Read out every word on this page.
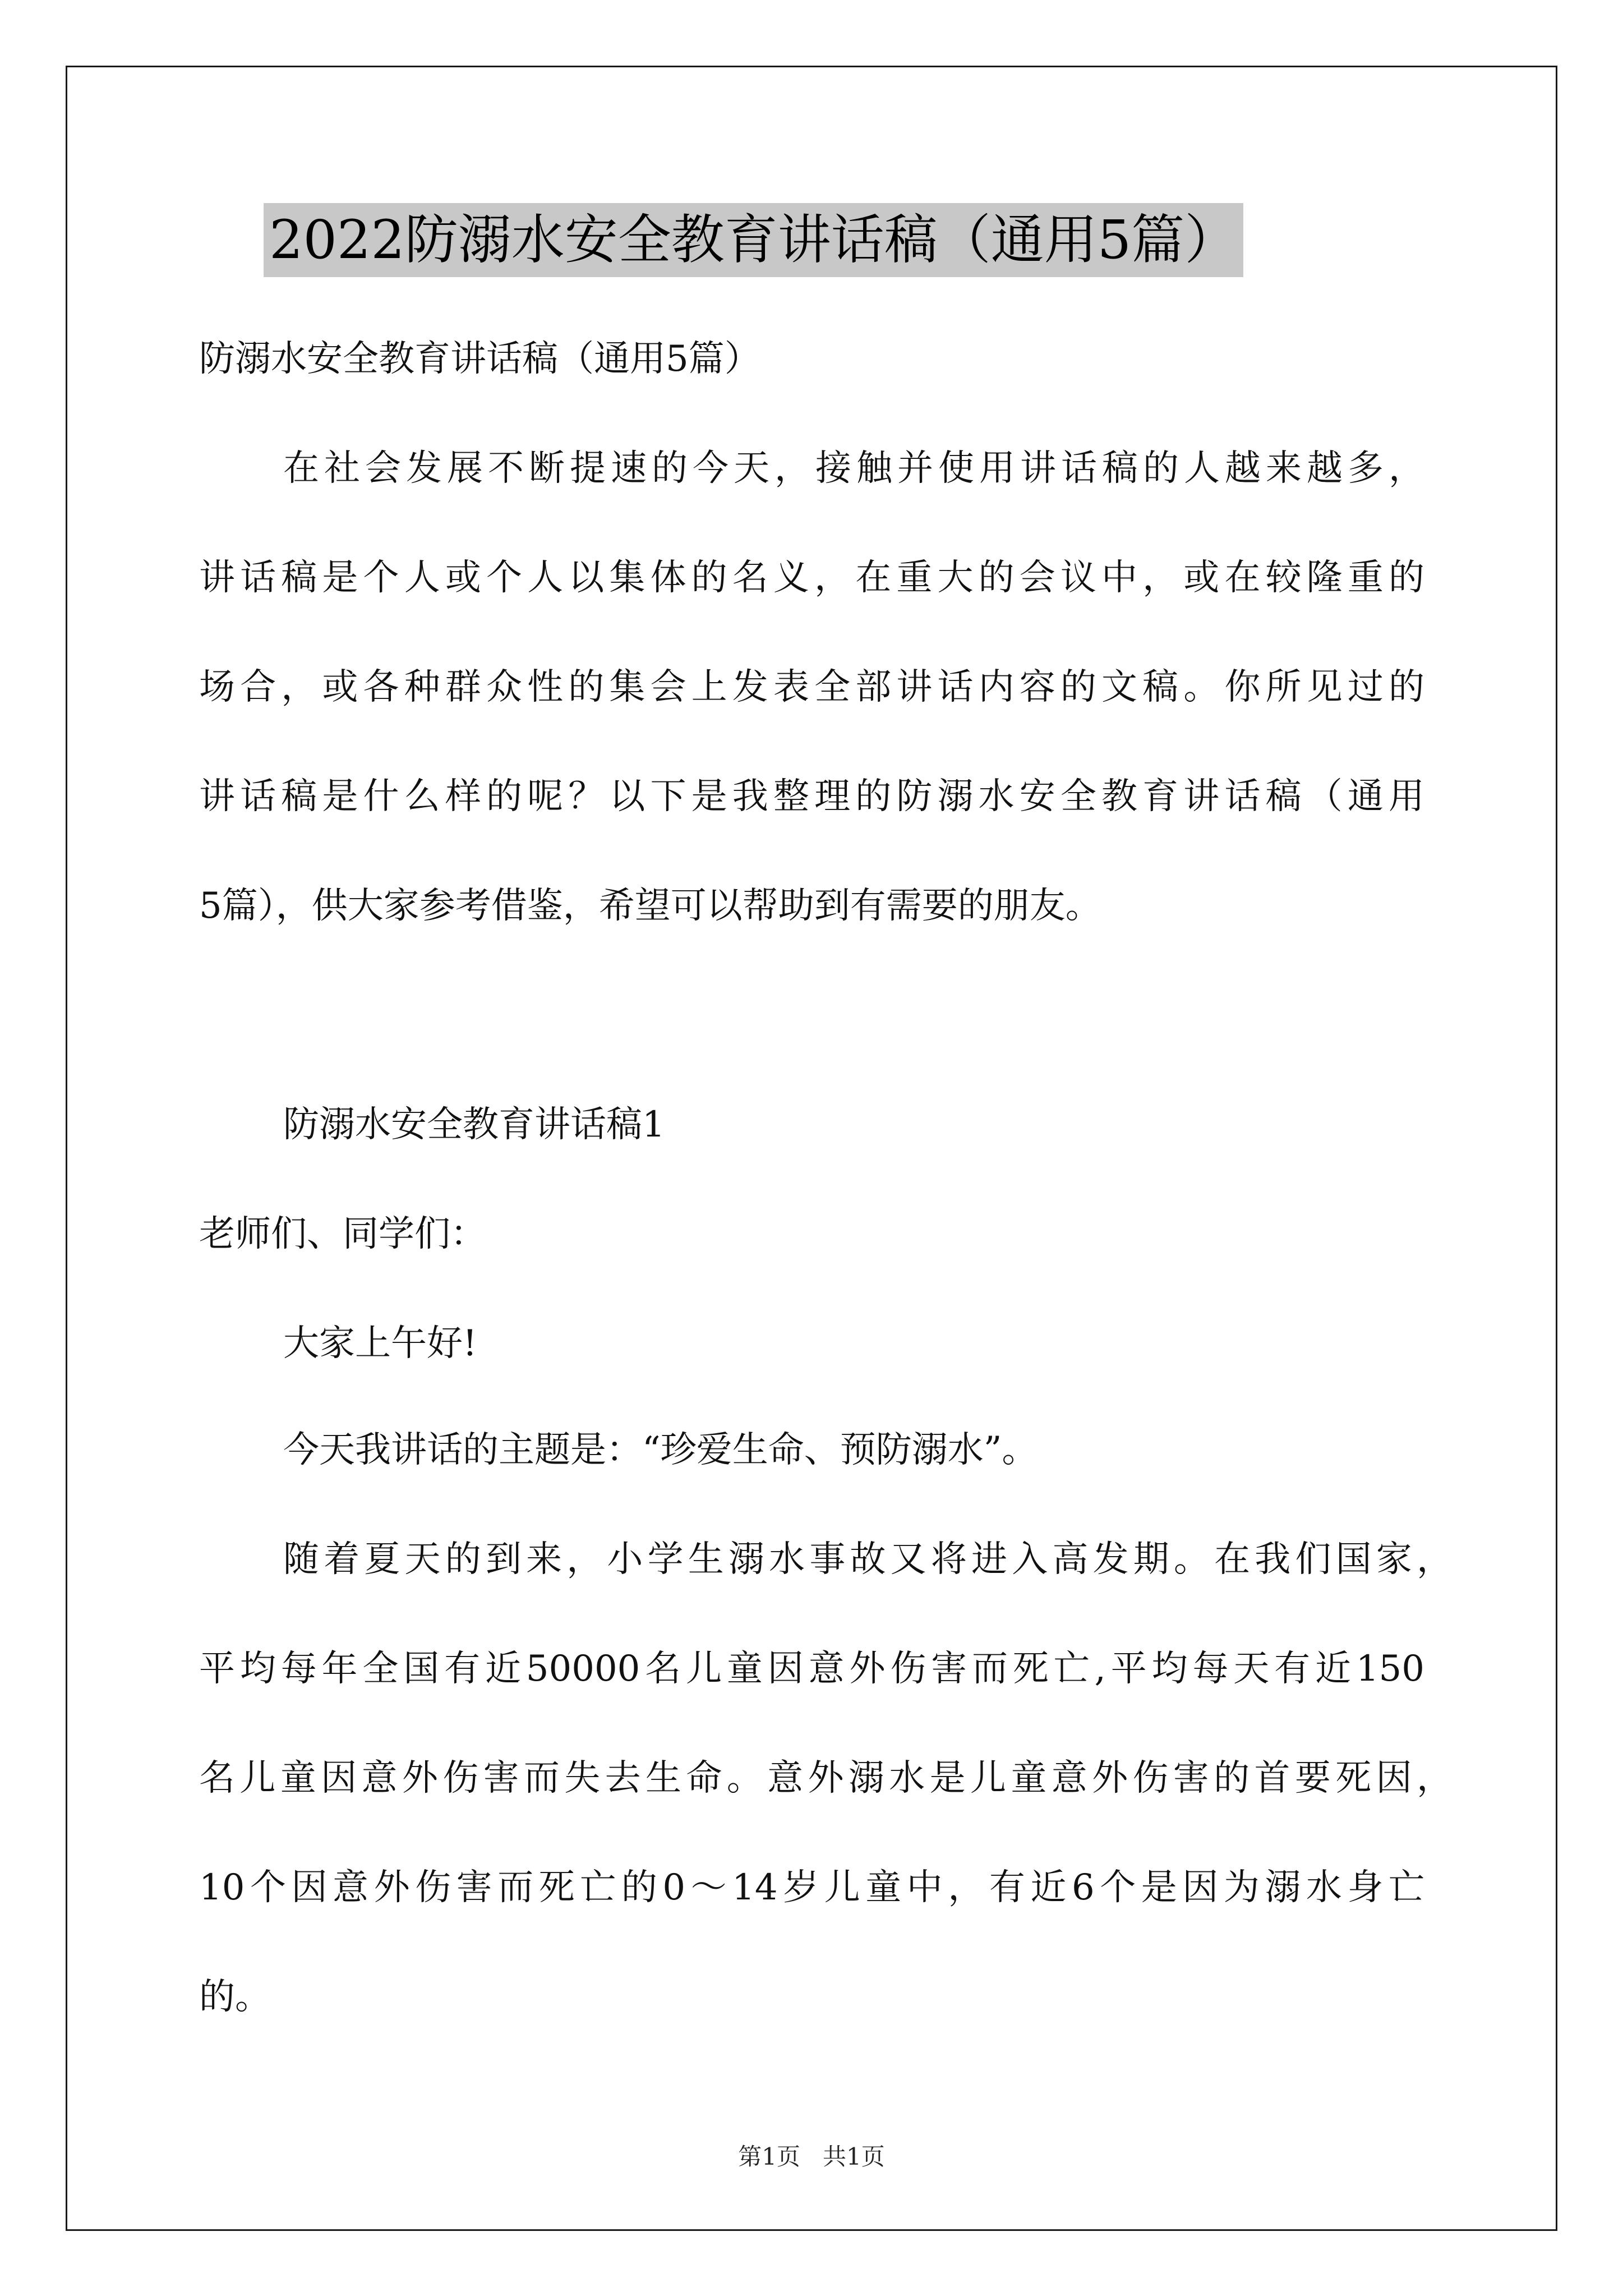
2022防溺水安全教育讲话稿（通用5篇）
防溺水安全教育讲话稿（通用5篇）
在社会发展不断提速的今天，接触并使用讲话稿的人越来越多，
讲话稿是个人或个人以集体的名义，在重大的会议中，或在较隆重的
场合，或各种群众性的集会上发表全部讲话内容的文稿。你所见过的
讲话稿是什么样的呢？以下是我整理的防溺水安全教育讲话稿（通用
5篇），供大家参考借鉴，希望可以帮助到有需要的朋友。
防溺水安全教育讲话稿1
老师们、同学们：
大家上午好!
今天我讲话的主题是：“珍爱生命、预防溺水”。
随着夏天的到来，小学生溺水事故又将进入高发期。在我们国家，
平均每年全国有近50000名儿童因意外伤害而死亡,平均每天有近150
名儿童因意外伤害而失去生命。意外溺水是儿童意外伤害的首要死因，
10个因意外伤害而死亡的0～14岁儿童中，有近6个是因为溺水身亡
的。
第1页   共1页
